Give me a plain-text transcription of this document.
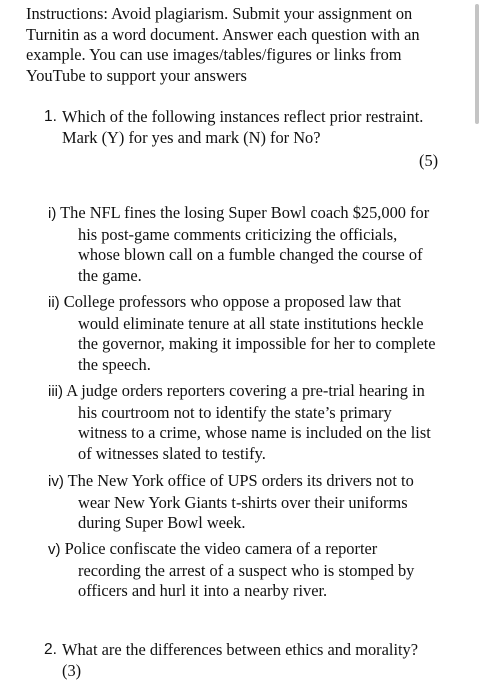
Instructions: Avoid plagiarism. Submit your assignment on
Turnitin as a word document. Answer each question with an
example. You can use images/tables/figures or links from
YouTube to support your answers
1. Which of the following instances reflect prior restraint.
Mark (Y) for yes and mark (N) for No?
(5)
i) The NFL fines the losing Super Bowl coach $25,000 for
his post-game comments criticizing the officials,
whose blown call on a fumble changed the course of
the game.
ii) College professors who oppose a proposed law that
would eliminate tenure at all state institutions heckle
the governor, making it impossible for her to complete
the speech.
iii) A judge orders reporters covering a pre-trial hearing in
his courtroom not to identify the state’s primary
witness to a crime, whose name is included on the list
of witnesses slated to testify.
iv) The New York office of UPS orders its drivers not to
wear New York Giants t-shirts over their uniforms
during Super Bowl week.
v) Police confiscate the video camera of a reporter
recording the arrest of a suspect who is stomped by
officers and hurl it into a nearby river.
2. What are the differences between ethics and morality?
(3)
